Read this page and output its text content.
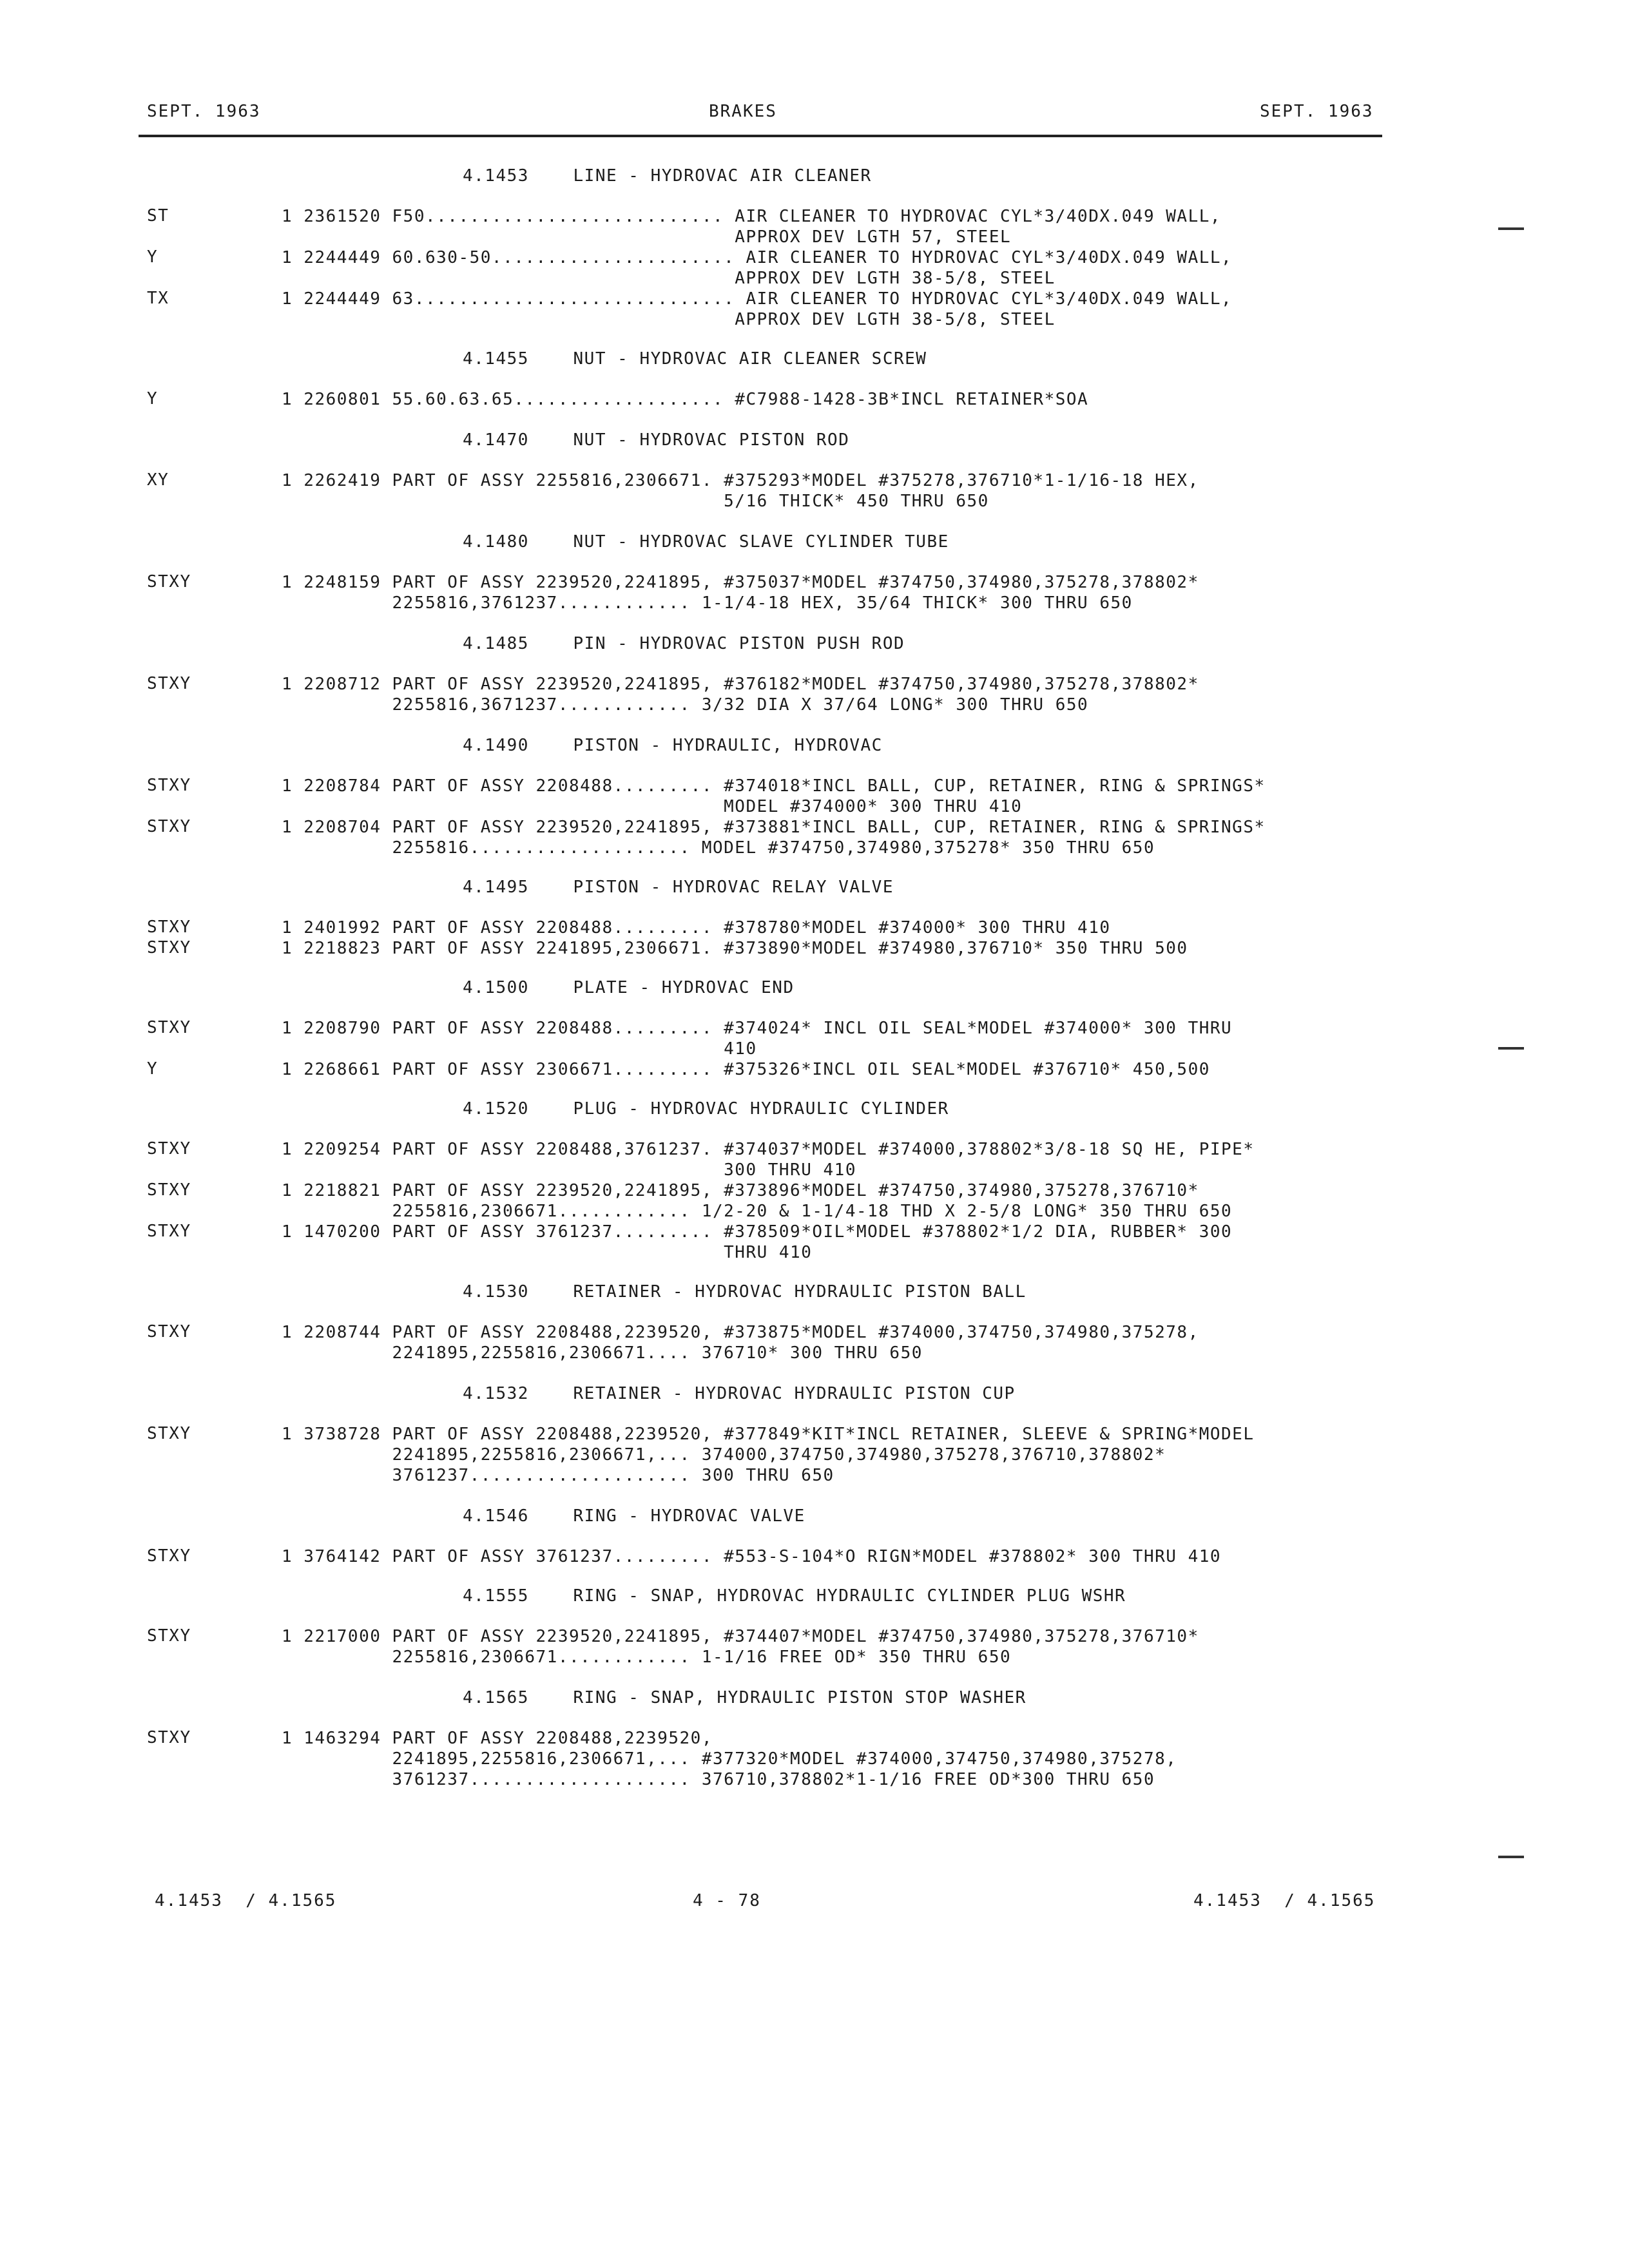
SEPT. 1963	BRAKES	SEPT. 1963
4.1453    LINE - HYDROVAC AIR CLEANER
ST	1 2361520 F50........................... AIR CLEANER TO HYDROVAC CYL*3/40DX.049 WALL,
APPROX DEV LGTH 57, STEEL
Y	1 2244449 60.630-50...................... AIR CLEANER TO HYDROVAC CYL*3/40DX.049 WALL,
APPROX DEV LGTH 38-5/8, STEEL
TX	1 2244449 63............................. AIR CLEANER TO HYDROVAC CYL*3/40DX.049 WALL,
APPROX DEV LGTH 38-5/8, STEEL
4.1455    NUT - HYDROVAC AIR CLEANER SCREW
Y	1 2260801 55.60.63.65................... #C7988-1428-3B*INCL RETAINER*SOA
4.1470    NUT - HYDROVAC PISTON ROD
XY	1 2262419 PART OF ASSY 2255816,2306671. #375293*MODEL #375278,376710*1-1/16-18 HEX,
5/16 THICK* 450 THRU 650
4.1480    NUT - HYDROVAC SLAVE CYLINDER TUBE
STXY	1 2248159 PART OF ASSY 2239520,2241895, #375037*MODEL #374750,374980,375278,378802*
2255816,3761237............ 1-1/4-18 HEX, 35/64 THICK* 300 THRU 650
4.1485    PIN - HYDROVAC PISTON PUSH ROD
STXY	1 2208712 PART OF ASSY 2239520,2241895, #376182*MODEL #374750,374980,375278,378802*
2255816,3671237............ 3/32 DIA X 37/64 LONG* 300 THRU 650
4.1490    PISTON - HYDRAULIC, HYDROVAC
STXY	1 2208784 PART OF ASSY 2208488......... #374018*INCL BALL, CUP, RETAINER, RING & SPRINGS*
MODEL #374000* 300 THRU 410
STXY	1 2208704 PART OF ASSY 2239520,2241895, #373881*INCL BALL, CUP, RETAINER, RING & SPRINGS*
2255816.................... MODEL #374750,374980,375278* 350 THRU 650
4.1495    PISTON - HYDROVAC RELAY VALVE
STXY	1 2401992 PART OF ASSY 2208488......... #378780*MODEL #374000* 300 THRU 410
STXY	1 2218823 PART OF ASSY 2241895,2306671. #373890*MODEL #374980,376710* 350 THRU 500
4.1500    PLATE - HYDROVAC END
STXY	1 2208790 PART OF ASSY 2208488......... #374024* INCL OIL SEAL*MODEL #374000* 300 THRU
410
Y	1 2268661 PART OF ASSY 2306671......... #375326*INCL OIL SEAL*MODEL #376710* 450,500
4.1520    PLUG - HYDROVAC HYDRAULIC CYLINDER
STXY	1 2209254 PART OF ASSY 2208488,3761237. #374037*MODEL #374000,378802*3/8-18 SQ HE, PIPE*
300 THRU 410
STXY	1 2218821 PART OF ASSY 2239520,2241895, #373896*MODEL #374750,374980,375278,376710*
2255816,2306671............ 1/2-20 & 1-1/4-18 THD X 2-5/8 LONG* 350 THRU 650
STXY	1 1470200 PART OF ASSY 3761237......... #378509*OIL*MODEL #378802*1/2 DIA, RUBBER* 300
THRU 410
4.1530    RETAINER - HYDROVAC HYDRAULIC PISTON BALL
STXY	1 2208744 PART OF ASSY 2208488,2239520, #373875*MODEL #374000,374750,374980,375278,
2241895,2255816,2306671.... 376710* 300 THRU 650
4.1532    RETAINER - HYDROVAC HYDRAULIC PISTON CUP
STXY	1 3738728 PART OF ASSY 2208488,2239520, #377849*KIT*INCL RETAINER, SLEEVE & SPRING*MODEL
2241895,2255816,2306671,... 374000,374750,374980,375278,376710,378802*
3761237.................... 300 THRU 650
4.1546    RING - HYDROVAC VALVE
STXY	1 3764142 PART OF ASSY 3761237......... #553-S-104*O RIGN*MODEL #378802* 300 THRU 410
4.1555    RING - SNAP, HYDROVAC HYDRAULIC CYLINDER PLUG WSHR
STXY	1 2217000 PART OF ASSY 2239520,2241895, #374407*MODEL #374750,374980,375278,376710*
2255816,2306671............ 1-1/16 FREE OD* 350 THRU 650
4.1565    RING - SNAP, HYDRAULIC PISTON STOP WASHER
STXY	1 1463294 PART OF ASSY 2208488,2239520,
2241895,2255816,2306671,... #377320*MODEL #374000,374750,374980,375278,
3761237.................... 376710,378802*1-1/16 FREE OD*300 THRU 650
4.1453  / 4.1565	4 - 78	4.1453  / 4.1565
